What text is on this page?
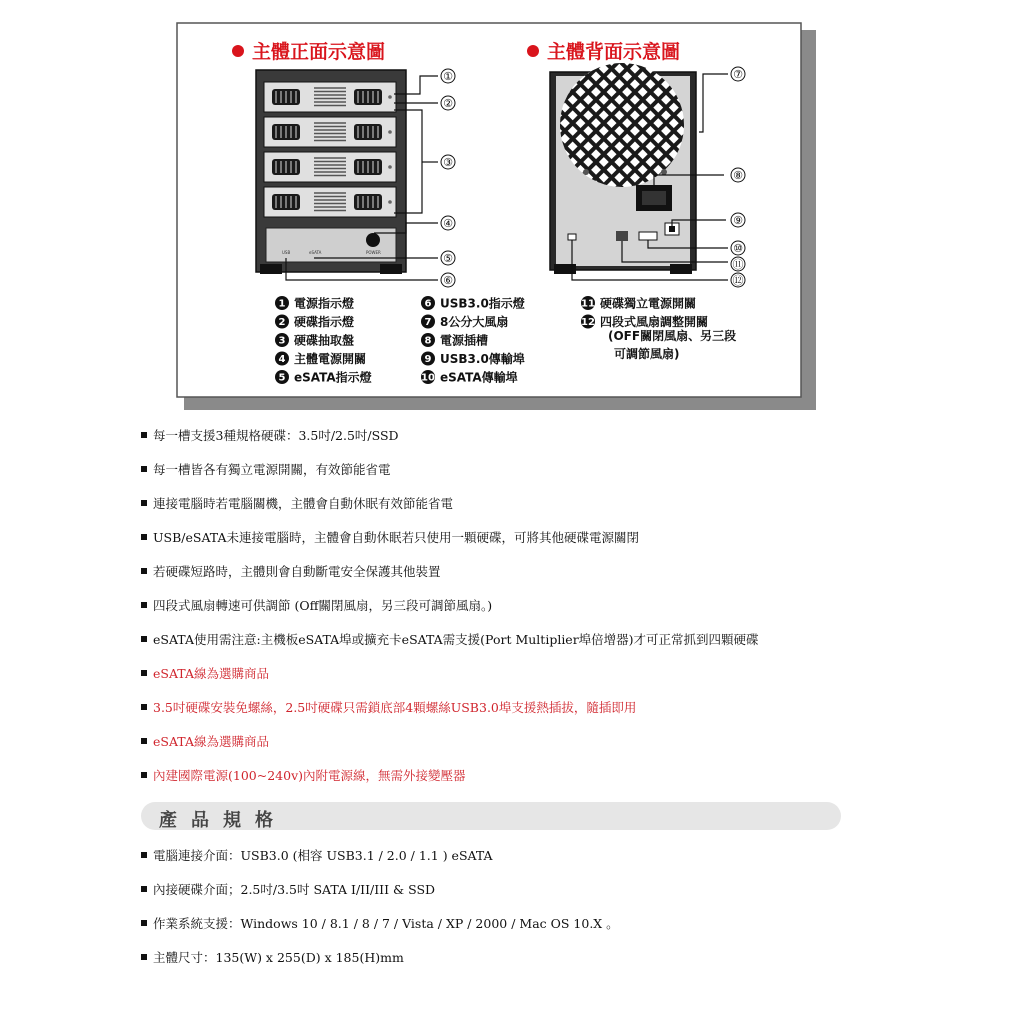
主體正面示意圖	主體背面示意圖
USB	eSATA	POWER
①
②
③
④
⑤
⑥
⑦
⑧
⑨
⑩
⑪
⑫
1 電源指示燈
2 硬碟指示燈
3 硬碟抽取盤
4 主體電源開關
5 eSATA指示燈
6 USB3.0指示燈
7 8公分大風扇
8 電源插槽
9 USB3.0傳輸埠
10 eSATA傳輸埠
11 硬碟獨立電源開關
12 四段式風扇調整開關
(OFF關閉風扇、另三段
可調節風扇)
每一槽支援3種規格硬碟：3.5吋/2.5吋/SSD
每一槽皆各有獨立電源開關，有效節能省電
連接電腦時若電腦關機，主體會自動休眠有效節能省電
USB/eSATA未連接電腦時，主體會自動休眠若只使用一顆硬碟，可將其他硬碟電源關閉
若硬碟短路時，主體則會自動斷電安全保護其他裝置
四段式風扇轉速可供調節 (Off關閉風扇，另三段可調節風扇。)
eSATA使用需注意:主機板eSATA埠或擴充卡eSATA需支援(Port Multiplier埠倍增器)才可正常抓到四顆硬碟
eSATA線為選購商品
3.5吋硬碟安裝免螺絲，2.5吋硬碟只需鎖底部4顆螺絲USB3.0埠支援熱插拔，隨插即用
eSATA線為選購商品
內建國際電源(100~240v)內附電源線，無需外接變壓器
產品規格
電腦連接介面：USB3.0 (相容 USB3.1 / 2.0 / 1.1 ) eSATA
內接硬碟介面；2.5吋/3.5吋 SATA I/II/III & SSD
作業系統支援：Windows 10 / 8.1 / 8 / 7 / Vista / XP / 2000 / Mac OS 10.X 。
主體尺寸：135(W) x 255(D) x 185(H)mm
